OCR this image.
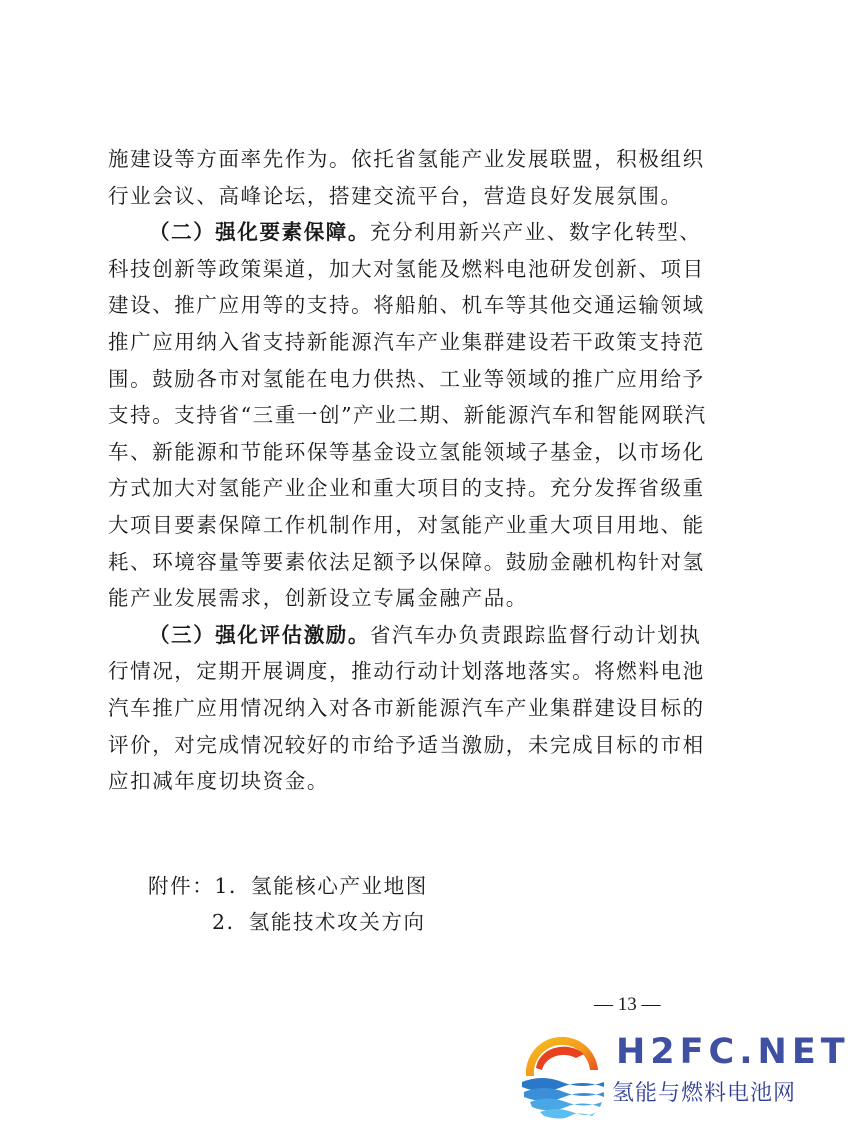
施建设等方面率先作为。依托省氢能产业发展联盟，积极组织
行业会议、高峰论坛，搭建交流平台，营造良好发展氛围。

（二）强化要素保障。充分利用新兴产业、数字化转型、
科技创新等政策渠道，加大对氢能及燃料电池研发创新、项目
建设、推广应用等的支持。将船舶、机车等其他交通运输领域
推广应用纳入省支持新能源汽车产业集群建设若干政策支持范
围。鼓励各市对氢能在电力供热、工业等领域的推广应用给予
支持。支持省“三重一创”产业二期、新能源汽车和智能网联汽
车、新能源和节能环保等基金设立氢能领域子基金，以市场化
方式加大对氢能产业企业和重大项目的支持。充分发挥省级重
大项目要素保障工作机制作用，对氢能产业重大项目用地、能
耗、环境容量等要素依法足额予以保障。鼓励金融机构针对氢
能产业发展需求，创新设立专属金融产品。

（三）强化评估激励。省汽车办负责跟踪监督行动计划执
行情况，定期开展调度，推动行动计划落地落实。将燃料电池
汽车推广应用情况纳入对各市新能源汽车产业集群建设目标的
评价，对完成情况较好的市给予适当激励，未完成目标的市相
应扣减年度切块资金。

附件：1．氢能核心产业地图
2．氢能技术攻关方向
— 13 —
H2FC.NET
氢能与燃料电池网
